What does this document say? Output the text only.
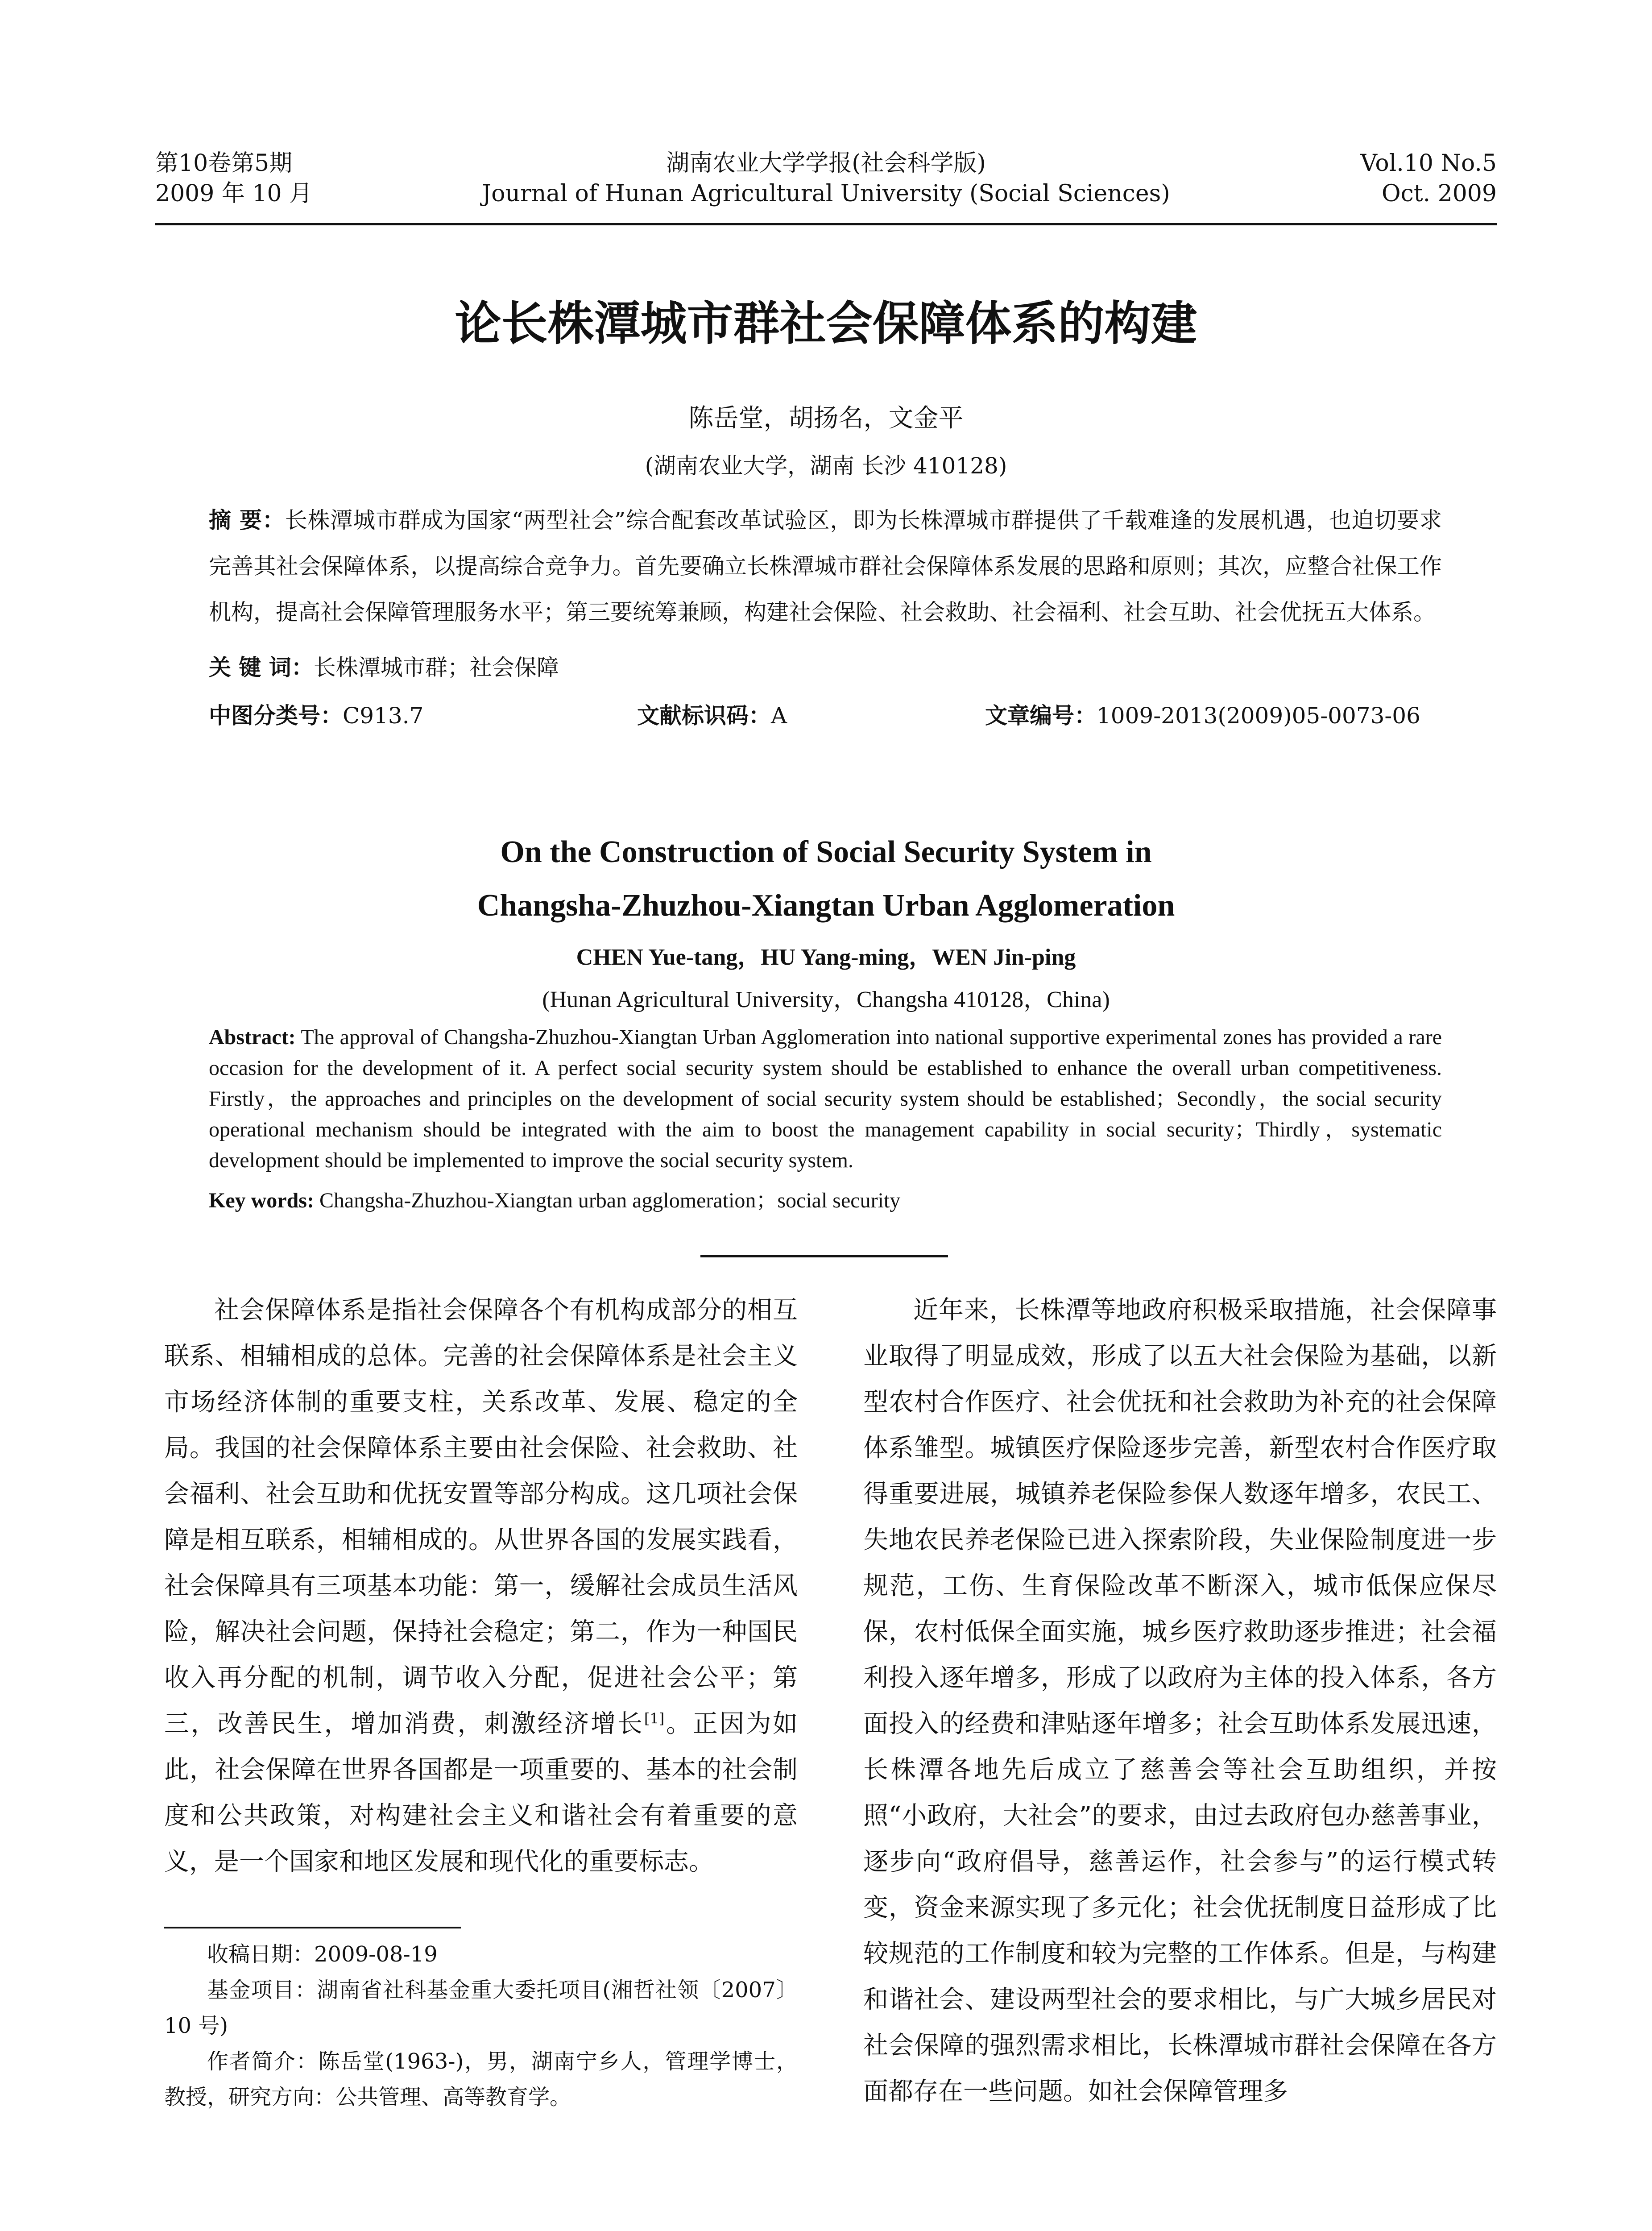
第10卷第5期
2009 年 10 月
湖南农业大学学报(社会科学版)
Journal of Hunan Agricultural University (Social Sciences)
Vol.10 No.5
Oct. 2009
论长株潭城市群社会保障体系的构建
陈岳堂，胡扬名，文金平
(湖南农业大学，湖南 长沙 410128)
摘 要：长株潭城市群成为国家“两型社会”综合配套改革试验区，即为长株潭城市群提供了千载难逢的发展机遇，也迫切要求完善其社会保障体系，以提高综合竞争力。首先要确立长株潭城市群社会保障体系发展的思路和原则；其次，应整合社保工作机构，提高社会保障管理服务水平；第三要统筹兼顾，构建社会保险、社会救助、社会福利、社会互助、社会优抚五大体系。
关 键 词：长株潭城市群；社会保障
中图分类号：C913.7	文献标识码：A	文章编号：1009-2013(2009)05-0073-06
On the Construction of Social Security System in
Changsha-Zhuzhou-Xiangtan Urban Agglomeration
CHEN Yue-tang，HU Yang-ming，WEN Jin-ping
(Hunan Agricultural University，Changsha 410128，China)
Abstract: The approval of Changsha-Zhuzhou-Xiangtan Urban Agglomeration into national supportive experimental zones has provided a rare occasion for the development of it. A perfect social security system should be established to enhance the overall urban competitiveness. Firstly，the approaches and principles on the development of social security system should be established；Secondly，the social security operational mechanism should be integrated with the aim to boost the management capability in social security；Thirdly，systematic development should be implemented to improve the social security system.
Key words: Changsha-Zhuzhou-Xiangtan urban agglomeration；social security

社会保障体系是指社会保障各个有机构成部分的相互联系、相辅相成的总体。完善的社会保障体系是社会主义市场经济体制的重要支柱，关系改革、发展、稳定的全局。我国的社会保障体系主要由社会保险、社会救助、社会福利、社会互助和优抚安置等部分构成。这几项社会保障是相互联系，相辅相成的。从世界各国的发展实践看，社会保障具有三项基本功能：第一，缓解社会成员生活风险，解决社会问题，保持社会稳定；第二，作为一种国民收入再分配的机制，调节收入分配，促进社会公平；第三，改善民生，增加消费，刺激经济增长[1]。正因为如此，社会保障在世界各国都是一项重要的、基本的社会制度和公共政策，对构建社会主义和谐社会有着重要的意义，是一个国家和地区发展和现代化的重要标志。

近年来，长株潭等地政府积极采取措施，社会保障事业取得了明显成效，形成了以五大社会保险为基础，以新型农村合作医疗、社会优抚和社会救助为补充的社会保障体系雏型。城镇医疗保险逐步完善，新型农村合作医疗取得重要进展，城镇养老保险参保人数逐年增多，农民工、失地农民养老保险已进入探索阶段，失业保险制度进一步规范，工伤、生育保险改革不断深入，城市低保应保尽保，农村低保全面实施，城乡医疗救助逐步推进；社会福利投入逐年增多，形成了以政府为主体的投入体系，各方面投入的经费和津贴逐年增多；社会互助体系发展迅速，长株潭各地先后成立了慈善会等社会互助组织，并按照“小政府，大社会”的要求，由过去政府包办慈善事业，逐步向“政府倡导，慈善运作，社会参与”的运行模式转变，资金来源实现了多元化；社会优抚制度日益形成了比较规范的工作制度和较为完整的工作体系。但是，与构建和谐社会、建设两型社会的要求相比，与广大城乡居民对社会保障的强烈需求相比，长株潭城市群社会保障在各方面都存在一些问题。如社会保障管理多

收稿日期：2009-08-19

基金项目：湖南省社科基金重大委托项目(湘哲社领〔2007〕10 号)

作者简介：陈岳堂(1963-)，男，湖南宁乡人，管理学博士，教授，研究方向：公共管理、高等教育学。
